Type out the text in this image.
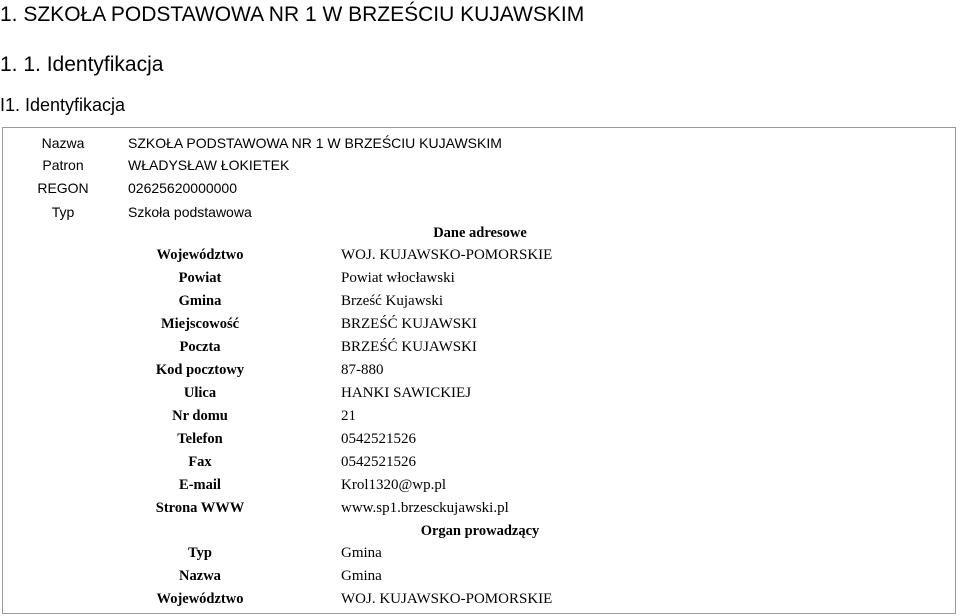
1. SZKOŁA PODSTAWOWA NR 1 W BRZEŚCIU KUJAWSKIM
1. 1. Identyfikacja
I1. Identyfikacja
Nazwa	SZKOŁA PODSTAWOWA NR 1 W BRZEŚCIU KUJAWSKIM
Patron	WŁADYSŁAW ŁOKIETEK
REGON	02625620000000
Typ	Szkoła podstawowa
Dane adresowe
Województwo	WOJ. KUJAWSKO-POMORSKIE
Powiat	Powiat włocławski
Gmina	Brześć Kujawski
Miejscowość	BRZEŚĆ KUJAWSKI
Poczta	BRZEŚĆ KUJAWSKI
Kod pocztowy	87-880
Ulica	HANKI SAWICKIEJ
Nr domu	21
Telefon	0542521526
Fax	0542521526
E-mail	Krol1320@wp.pl
Strona WWW	www.sp1.brzesckujawski.pl
Organ prowadzący
Typ	Gmina
Nazwa	Gmina
Województwo	WOJ. KUJAWSKO-POMORSKIE
